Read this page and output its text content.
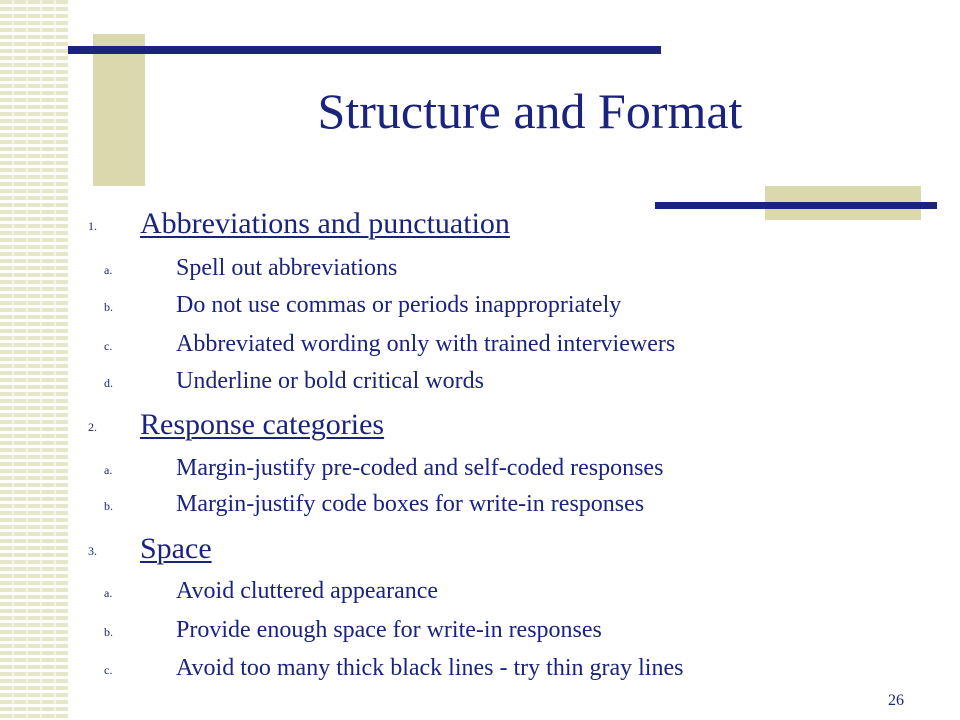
Structure and Format
1. Abbreviations and punctuation
a.	Spell out abbreviations
b.	Do not use commas or periods inappropriately
c.	Abbreviated wording only with trained interviewers
d.	Underline or bold critical words
2. Response categories
a.	Margin-justify pre-coded and self-coded responses
b.	Margin-justify code boxes for write-in responses
3. Space
a.	Avoid cluttered appearance
b.	Provide enough space for write-in responses
c.	Avoid too many thick black lines - try thin gray lines
26
